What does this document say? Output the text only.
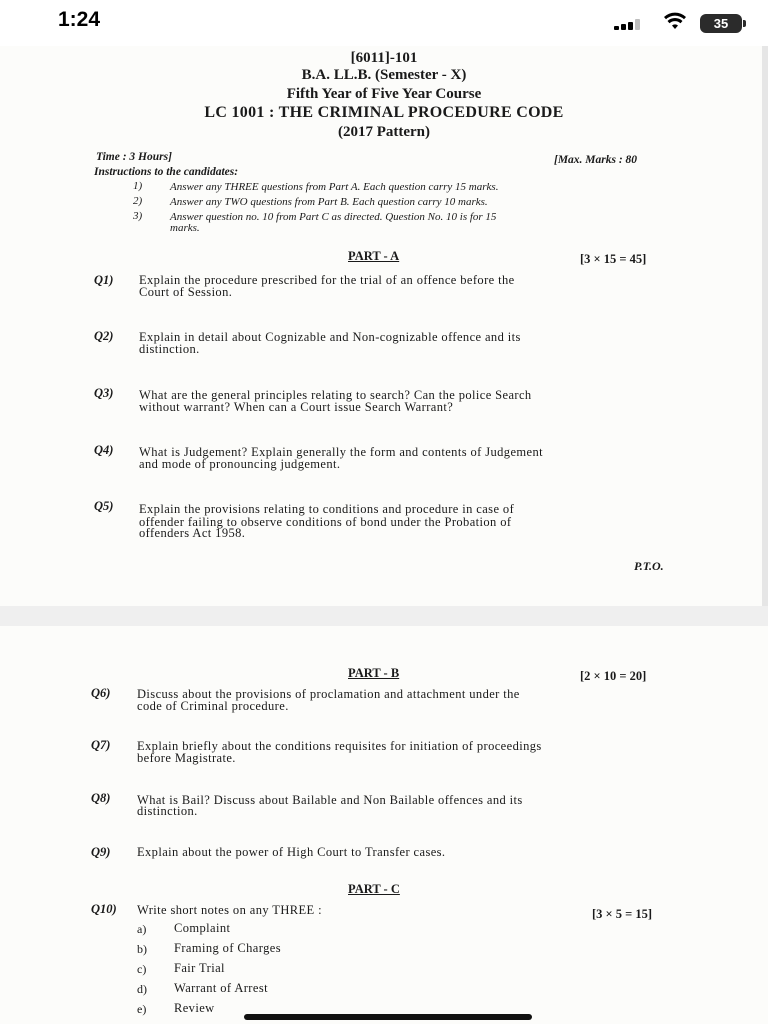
1:24	35
[6011]-101
B.A. LL.B. (Semester - X)
Fifth Year of Five Year Course
LC 1001 : THE CRIMINAL PROCEDURE CODE
(2017 Pattern)
Time : 3 Hours]	[Max. Marks : 80
Instructions to the candidates:
1)	Answer any THREE questions from Part A. Each question carry 15 marks.
2)	Answer any TWO questions from Part B. Each question carry 10 marks.
3)	Answer question no. 10 from Part C as directed. Question No. 10 is for 15
marks.
PART - A	[3 × 15 = 45]
Q1) Explain the procedure prescribed for the trial of an offence before the
Court of Session.
Q2) Explain in detail about Cognizable and Non-cognizable offence and its
distinction.
Q3) What are the general principles relating to search? Can the police Search
without warrant? When can a Court issue Search Warrant?
Q4) What is Judgement? Explain generally the form and contents of Judgement
and mode of pronouncing judgement.
Q5) Explain the provisions relating to conditions and procedure in case of
offender failing to observe conditions of bond under the Probation of
offenders Act 1958.
P.T.O.
PART - B	[2 × 10 = 20]
Q6) Discuss about the provisions of proclamation and attachment under the
code of Criminal procedure.
Q7) Explain briefly about the conditions requisites for initiation of proceedings
before Magistrate.
Q8) What is Bail? Discuss about Bailable and Non Bailable offences and its
distinction.
Q9) Explain about the power of High Court to Transfer cases.
PART - C
Q10) Write short notes on any THREE :	[3 × 5 = 15]
a) Complaint
b) Framing of Charges
c) Fair Trial
d) Warrant of Arrest
e) Review
